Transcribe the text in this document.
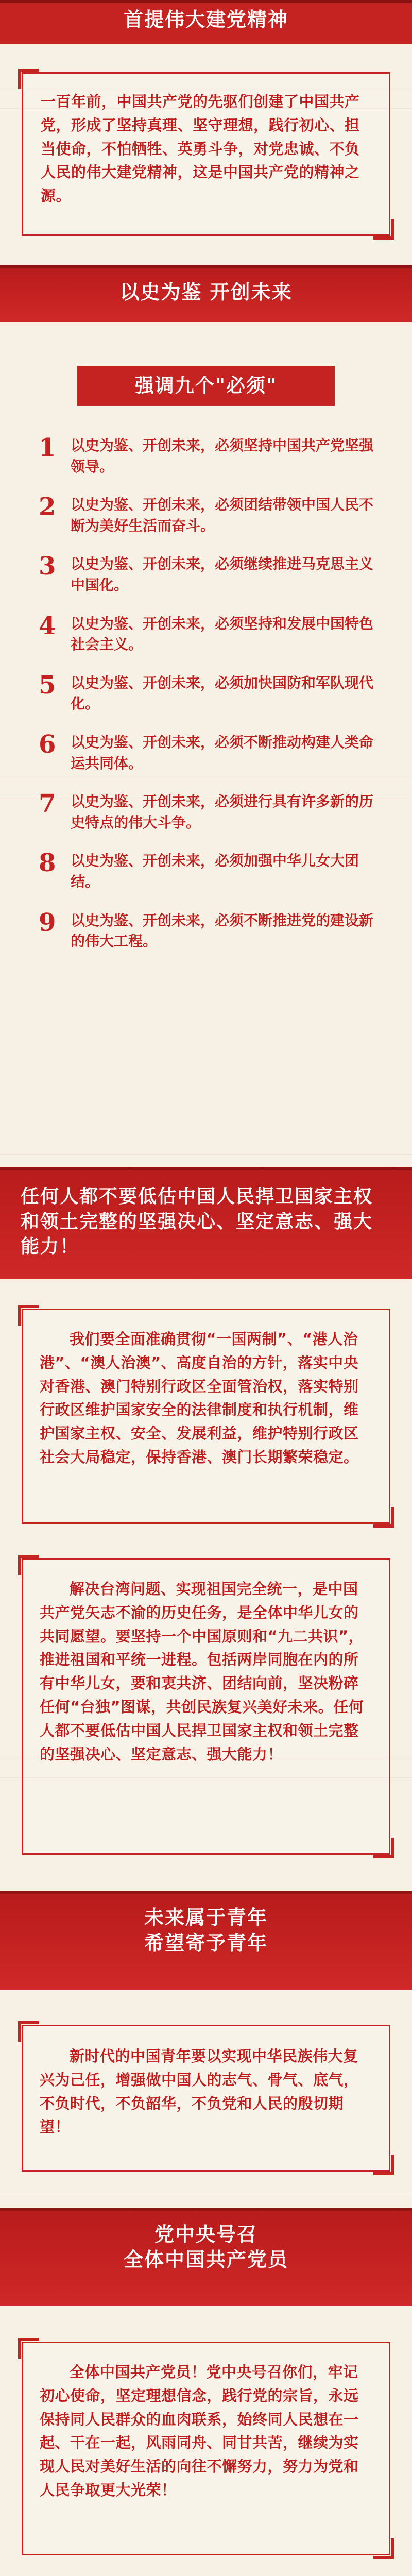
首提伟大建党精神

一百年前，中国共产党的先驱们创建了中国共产党，形成了坚持真理、坚守理想，践行初心、担当使命，不怕牺牲、英勇斗争，对党忠诚、不负人民的伟大建党精神，这是中国共产党的精神之源。

以史为鉴 开创未来
强调九个"必须"
1	以史为鉴、开创未来，必须坚持中国共产党坚强领导。
2	以史为鉴、开创未来，必须团结带领中国人民不断为美好生活而奋斗。
3	以史为鉴、开创未来，必须继续推进马克思主义中国化。
4	以史为鉴、开创未来，必须坚持和发展中国特色社会主义。
5	以史为鉴、开创未来，必须加快国防和军队现代化。
6	以史为鉴、开创未来，必须不断推动构建人类命运共同体。
7	以史为鉴、开创未来，必须进行具有许多新的历史特点的伟大斗争。
8	以史为鉴、开创未来，必须加强中华儿女大团结。
9	以史为鉴、开创未来，必须不断推进党的建设新的伟大工程。
任何人都不要低估中国人民捍卫国家主权和领土完整的坚强决心、坚定意志、强大能力！

我们要全面准确贯彻“一国两制”、“港人治港”、“澳人治澳”、高度自治的方针，落实中央对香港、澳门特别行政区全面管治权，落实特别行政区维护国家安全的法律制度和执行机制，维护国家主权、安全、发展利益，维护特别行政区社会大局稳定，保持香港、澳门长期繁荣稳定。

解决台湾问题、实现祖国完全统一，是中国共产党矢志不渝的历史任务，是全体中华儿女的共同愿望。要坚持一个中国原则和“九二共识”，推进祖国和平统一进程。包括两岸同胞在内的所有中华儿女，要和衷共济、团结向前，坚决粉碎任何“台独”图谋，共创民族复兴美好未来。任何人都不要低估中国人民捍卫国家主权和领土完整的坚强决心、坚定意志、强大能力！

未来属于青年
希望寄予青年

新时代的中国青年要以实现中华民族伟大复兴为己任，增强做中国人的志气、骨气、底气，不负时代，不负韶华，不负党和人民的殷切期望！

党中央号召
全体中国共产党员

全体中国共产党员！党中央号召你们，牢记初心使命，坚定理想信念，践行党的宗旨，永远保持同人民群众的血肉联系，始终同人民想在一起、干在一起，风雨同舟、同甘共苦，继续为实现人民对美好生活的向往不懈努力，努力为党和人民争取更大光荣！
